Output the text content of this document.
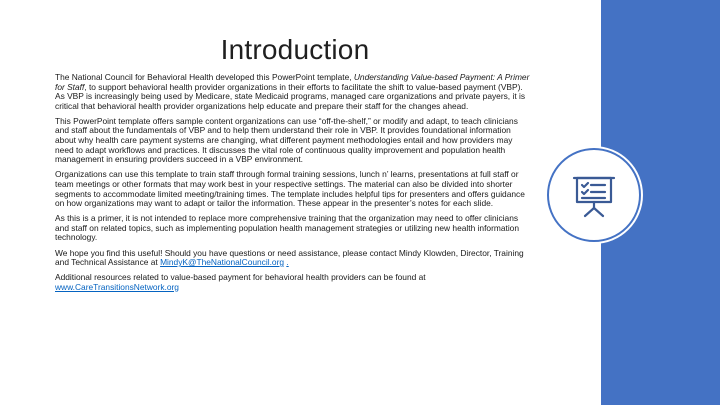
Introduction

The National Council for Behavioral Health developed this PowerPoint template, Understanding Value-based Payment: A Primer for Staff, to support behavioral health provider organizations in their efforts to facilitate the shift to value-based payment (VBP). As VBP is increasingly being used by Medicare, state Medicaid programs, managed care organizations and private payers, it is critical that behavioral health provider organizations help educate and prepare their staff for the changes ahead.

This PowerPoint template offers sample content organizations can use “off-the-shelf,” or modify and adapt, to teach clinicians and staff about the fundamentals of VBP and to help them understand their role in VBP. It provides foundational information about why health care payment systems are changing, what different payment methodologies entail and how providers may need to adapt workflows and practices. It discusses the vital role of continuous quality improvement and population health management in ensuring providers succeed in a VBP environment.

Organizations can use this template to train staff through formal training sessions, lunch n’ learns, presentations at full staff or team meetings or other formats that may work best in your respective settings. The material can also be divided into shorter segments to accommodate limited meeting/training times. The template includes helpful tips for presenters and offers guidance on how organizations may want to adapt or tailor the information. These appear in the presenter’s notes for each slide.

As this is a primer, it is not intended to replace more comprehensive training that the organization may need to offer clinicians and staff on related topics, such as implementing population health management strategies or utilizing new health information technology.

We hope you find this useful! Should you have questions or need assistance, please contact Mindy Klowden, Director, Training and Technical Assistance at MindyK@TheNationalCouncil.org .

Additional resources related to value-based payment for behavioral health providers can be found at www.CareTransitionsNetwork.org
